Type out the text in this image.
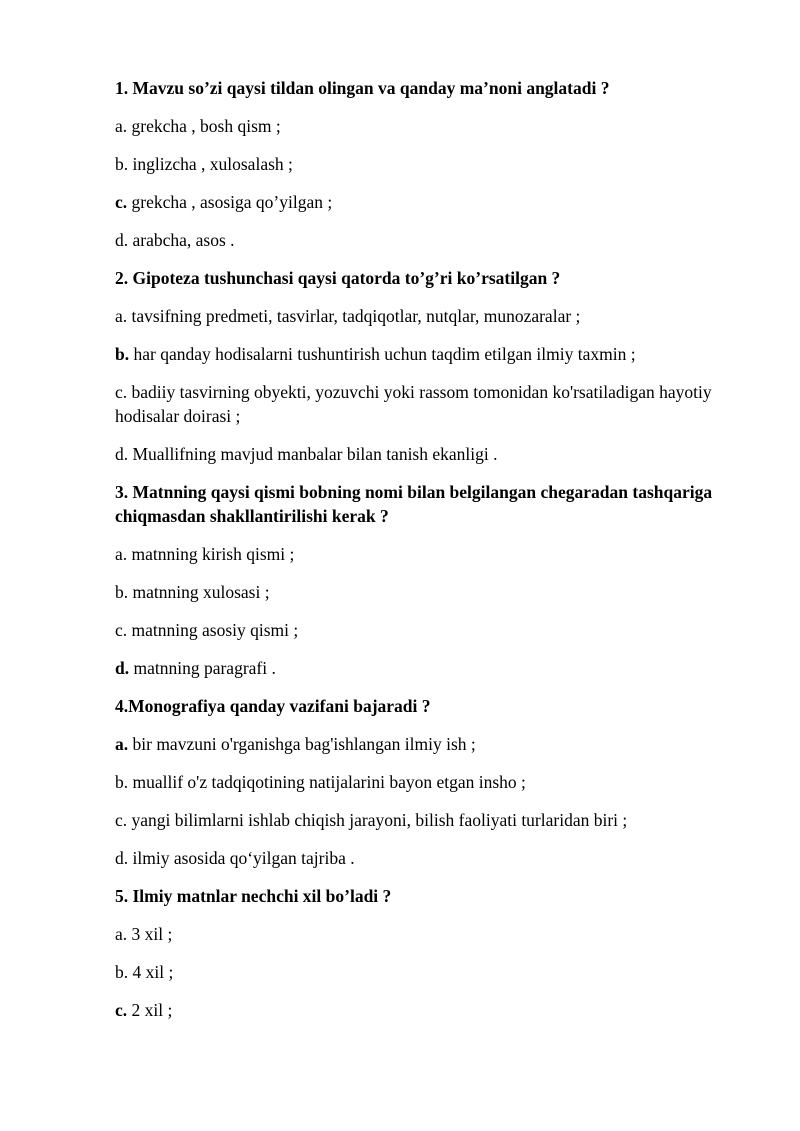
1. Mavzu so’zi qaysi tildan olingan va qanday ma’noni anglatadi ?
a. grekcha , bosh qism ;
b. inglizcha , xulosalash ;
c. grekcha , asosiga qo’yilgan ;
d. arabcha, asos .
2. Gipoteza tushunchasi qaysi qatorda to’g’ri ko’rsatilgan ?
a. tavsifning predmeti, tasvirlar, tadqiqotlar, nutqlar, munozaralar ;
b. har qanday hodisalarni tushuntirish uchun taqdim etilgan ilmiy taxmin ;
c. badiiy tasvirning obyekti, yozuvchi yoki rassom tomonidan ko'rsatiladigan hayotiy hodisalar doirasi ;
d. Muallifning mavjud manbalar bilan tanish ekanligi .
3. Matnning qaysi qismi bobning nomi bilan belgilangan chegaradan tashqariga chiqmasdan shakllantirilishi kerak ?
a. matnning kirish qismi ;
b. matnning xulosasi ;
c. matnning asosiy qismi ;
d. matnning paragrafi .
4.Monografiya qanday vazifani bajaradi ?
a. bir mavzuni o'rganishga bag'ishlangan ilmiy ish ;
b. muallif o'z tadqiqotining natijalarini bayon etgan insho ;
c. yangi bilimlarni ishlab chiqish jarayoni, bilish faoliyati turlaridan biri ;
d. ilmiy asosida qo‘yilgan tajriba .
5. Ilmiy matnlar nechchi xil bo’ladi ?
a. 3 xil ;
b. 4 xil ;
c. 2 xil ;
